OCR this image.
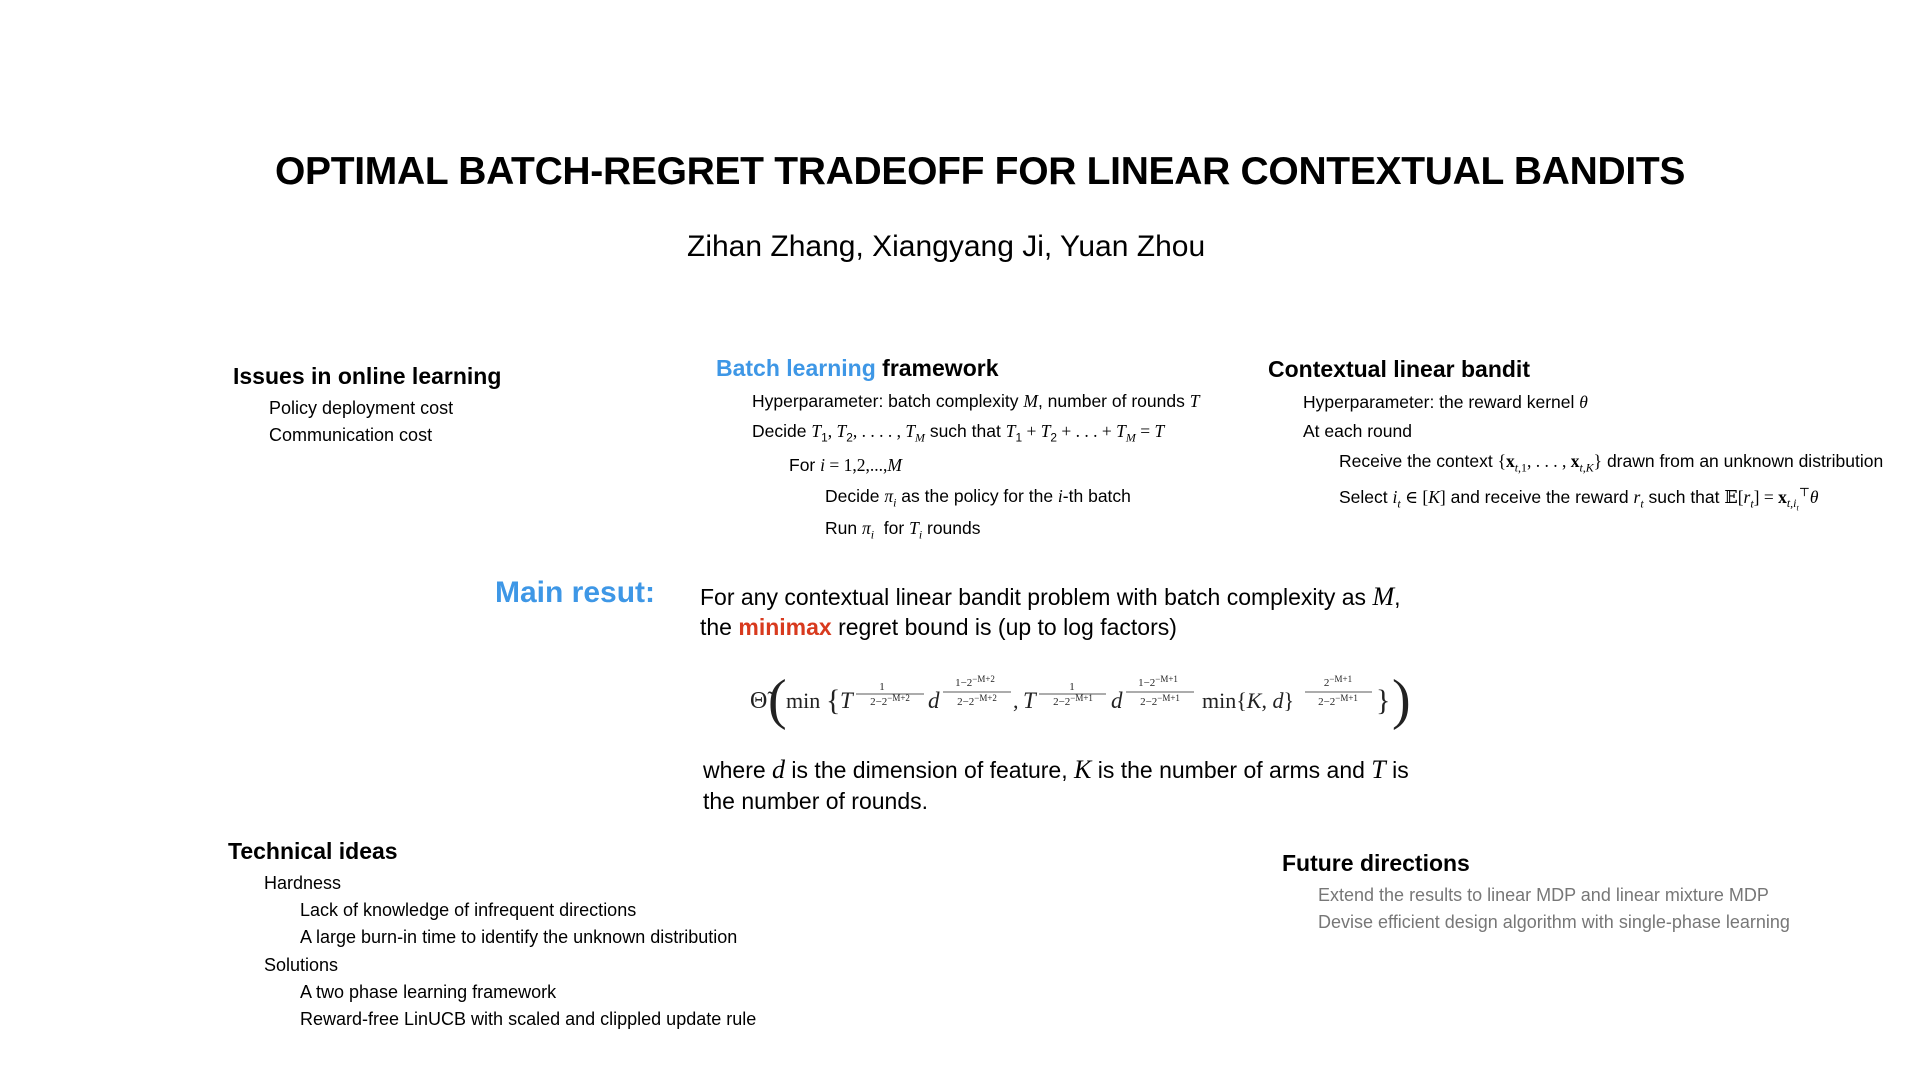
OPTIMAL BATCH-REGRET TRADEOFF FOR LINEAR CONTEXTUAL BANDITS
Zihan Zhang, Xiangyang Ji, Yuan Zhou
Issues in online learning
Policy deployment cost
Communication cost
Batch learning framework
Hyperparameter: batch complexity M, number of rounds T
Decide $T_1$, $T_2$, . . . . , $T_M$ such that $T_1 + T_2$ + . . . + $T_M = T$
For i = 1,2,...,M
Decide $\pi_i$ as the policy for the i-th batch
Run $\pi_i$  for $T_i$ rounds
Contextual linear bandit
Hyperparameter: the reward kernel θ
At each round
Receive the context {$x_{t,1}$, . . . , $x_{t,K}$} drawn from an unknown distribution
Select $i_t$ ∈ [K] and receive the reward $r_t$ such that $𝔼[r_t] = x_{t,i_t}^⊤\theta$
Main resut: For any contextual linear bandit problem with batch complexity as M,
the minimax regret bound is (up to log factors)
Θ̃ ( min { T
1
$2-2^{-M+2}$ d
$1-2^{-M+2}$
$2-2^{-M+2}$ , T
1
$2-2^{-M+1}$ d
$1-2^{-M+1}$
$2-2^{-M+1}$ min{K, d}
$2^{-M+1}$
$2-2^{-M+1}$ } )
where d is the dimension of feature, K is the number of arms and T is
the number of rounds.
Technical ideas
Hardness
Lack of knowledge of infrequent directions
A large burn-in time to identify the unknown distribution
Solutions
A two phase learning framework
Reward-free LinUCB with scaled and clippled update rule
Future directions
Extend the results to linear MDP and linear mixture MDP
Devise efficient design algorithm with single-phase learning
